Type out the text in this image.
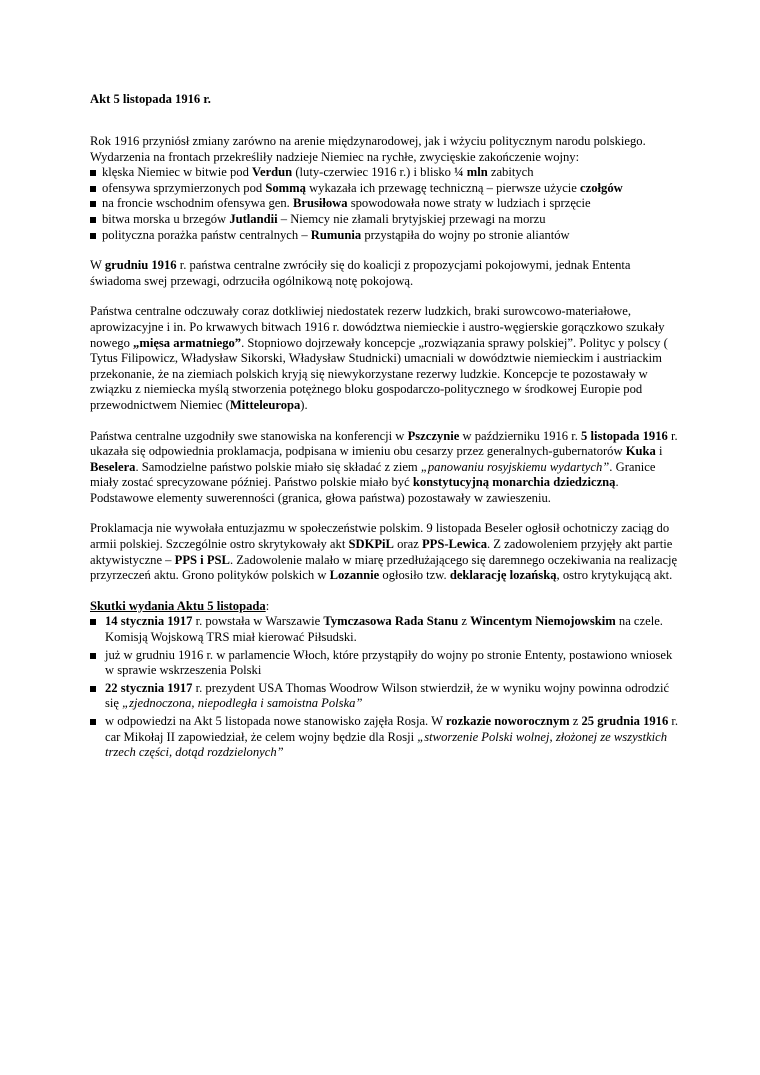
Akt 5 listopada 1916 r.

Rok 1916 przyniósł zmiany zarówno na arenie międzynarodowej, jak i wżyciu politycznym narodu polskiego. Wydarzenia na frontach przekreśliły nadzieje Niemiec na rychłe, zwycięskie zakończenie wojny:

klęska Niemiec w bitwie pod Verdun (luty-czerwiec 1916 r.) i blisko ¼ mln zabitych
ofensywa sprzymierzonych pod Sommą wykazała ich przewagę techniczną – pierwsze użycie czołgów
na froncie wschodnim ofensywa gen. Brusiłowa spowodowała nowe straty w ludziach i sprzęcie
bitwa morska u brzegów Jutlandii – Niemcy nie złamali brytyjskiej przewagi na morzu
polityczna porażka państw centralnych – Rumunia przystąpiła do wojny po stronie aliantów

W grudniu 1916 r. państwa centralne zwróciły się do koalicji z propozycjami pokojowymi, jednak Ententa świadoma swej przewagi, odrzuciła ogólnikową notę pokojową.

Państwa centralne odczuwały coraz dotkliwiej niedostatek rezerw ludzkich, braki surowcowo-materiałowe, aprowizacyjne i in. Po krwawych bitwach 1916 r. dowództwa niemieckie i austro-węgierskie gorączkowo szukały nowego „mięsa armatniego”. Stopniowo dojrzewały koncepcje „rozwiązania sprawy polskiej”. Polityc y polscy ( Tytus Filipowicz, Władysław Sikorski, Władysław Studnicki) umacniali w dowództwie niemieckim i austriackim przekonanie, że na ziemiach polskich kryją się niewykorzystane rezerwy ludzkie. Koncepcje te pozostawały w związku z niemiecka myślą stworzenia potężnego bloku gospodarczo-politycznego w środkowej Europie pod przewodnictwem Niemiec (Mitteleuropa).

Państwa centralne uzgodniły swe stanowiska na konferencji w Pszczynie w październiku 1916 r. 5 listopada 1916 r. ukazała się odpowiednia proklamacja, podpisana w imieniu obu cesarzy przez generalnych-gubernatorów Kuka i Beselera. Samodzielne państwo polskie miało się składać z ziem „panowaniu rosyjskiemu wydartych”. Granice miały zostać sprecyzowane później. Państwo polskie miało być konstytucyjną monarchia dziedziczną. Podstawowe elementy suwerenności (granica, głowa państwa) pozostawały w zawieszeniu.

Proklamacja nie wywołała entuzjazmu w społeczeństwie polskim. 9 listopada Beseler ogłosił ochotniczy zaciąg do armii polskiej. Szczególnie ostro skrytykowały akt SDKPiL oraz PPS-Lewica. Z zadowoleniem przyjęły akt partie aktywistyczne – PPS i PSL. Zadowolenie malało w miarę przedłużającego się daremnego oczekiwania na realizację przyrzeczeń aktu. Grono polityków polskich w Lozannie ogłosiło tzw. deklarację lozańską, ostro krytykującą akt.

Skutki wydania Aktu 5 listopada:

14 stycznia 1917 r. powstała w Warszawie Tymczasowa Rada Stanu z Wincentym Niemojowskim na czele. Komisją Wojskową TRS miał kierować Piłsudski.
już w grudniu 1916 r. w parlamencie Włoch, które przystąpiły do wojny po stronie Ententy, postawiono wniosek w sprawie wskrzeszenia Polski
22 stycznia 1917 r. prezydent USA Thomas Woodrow Wilson stwierdził, że w wyniku wojny powinna odrodzić się „zjednoczona, niepodległa i samoistna Polska”
w odpowiedzi na Akt 5 listopada nowe stanowisko zajęła Rosja. W rozkazie noworocznym z 25 grudnia 1916 r. car Mikołaj II zapowiedział, że celem wojny będzie dla Rosji „stworzenie Polski wolnej, złożonej ze wszystkich trzech części, dotąd rozdzielonych”
